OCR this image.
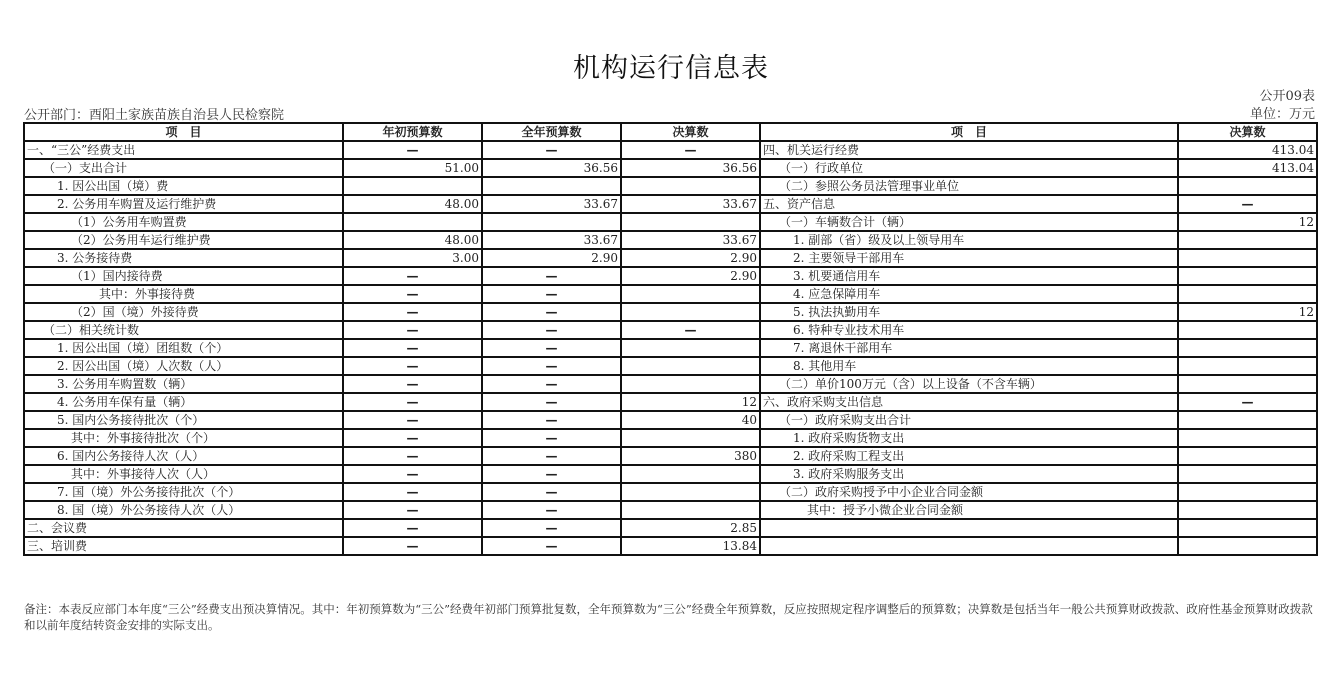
机构运行信息表
公开09表
公开部门：酉阳土家族苗族自治县人民检察院	单位：万元
项　目	年初预算数	全年预算数	决算数	项　目	决算数
一、“三公”经费支出	—	—	—	四、机关运行经费	413.04
（一）支出合计	51.00	36.56	36.56	（一）行政单位	413.04
1. 因公出国（境）费				（二）参照公务员法管理事业单位	
2. 公务用车购置及运行维护费	48.00	33.67	33.67	五、资产信息	—
（1）公务用车购置费				（一）车辆数合计（辆）	12
（2）公务用车运行维护费	48.00	33.67	33.67	1. 副部（省）级及以上领导用车	
3. 公务接待费	3.00	2.90	2.90	2. 主要领导干部用车	
（1）国内接待费	—	—	2.90	3. 机要通信用车	
其中：外事接待费	—	—		4. 应急保障用车	
（2）国（境）外接待费	—	—		5. 执法执勤用车	12
（二）相关统计数	—	—	—	6. 特种专业技术用车	
1. 因公出国（境）团组数（个）	—	—		7. 离退休干部用车	
2. 因公出国（境）人次数（人）	—	—		8. 其他用车	
3. 公务用车购置数（辆）	—	—		（二）单价100万元（含）以上设备（不含车辆）	
4. 公务用车保有量（辆）	—	—	12	六、政府采购支出信息	—
5. 国内公务接待批次（个）	—	—	40	（一）政府采购支出合计	
其中：外事接待批次（个）	—	—		1. 政府采购货物支出	
6. 国内公务接待人次（人）	—	—	380	2. 政府采购工程支出	
其中：外事接待人次（人）	—	—		3. 政府采购服务支出	
7. 国（境）外公务接待批次（个）	—	—		（二）政府采购授予中小企业合同金额	
8. 国（境）外公务接待人次（人）	—	—		其中：授予小微企业合同金额	
二、会议费	—	—	2.85		
三、培训费	—	—	13.84		
备注：本表反应部门本年度“三公”经费支出预决算情况。其中：年初预算数为“三公”经费年初部门预算批复数，全年预算数为“三公”经费全年预算数，反应按照规定程序调整后的预算数；决算数是包括当年一般公共预算财政拨款、政府性基金预算财政拨款和以前年度结转资金安排的实际支出。
